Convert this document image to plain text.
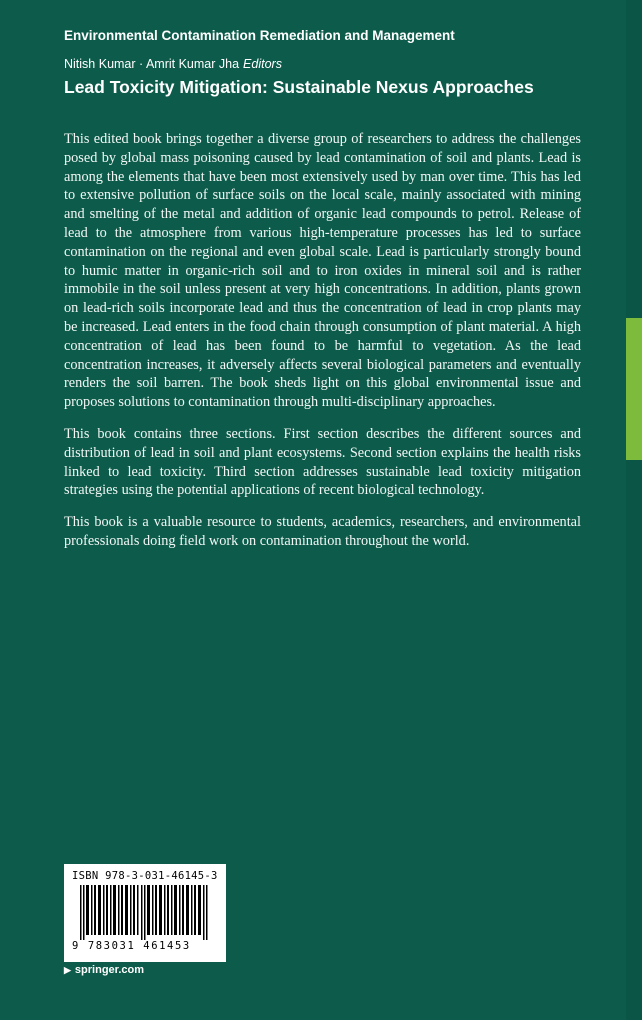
Environmental Contamination Remediation and Management
Nitish Kumar · Amrit Kumar Jha Editors
Lead Toxicity Mitigation: Sustainable Nexus Approaches

This edited book brings together a diverse group of researchers to address the challenges posed by global mass poisoning caused by lead contamination of soil and plants. Lead is among the elements that have been most extensively used by man over time. This has led to extensive pollution of surface soils on the local scale, mainly associated with mining and smelting of the metal and addition of organic lead compounds to petrol. Release of lead to the atmosphere from various high-temperature processes has led to surface contamination on the regional and even global scale. Lead is particularly strongly bound to humic matter in organic-rich soil and to iron oxides in mineral soil and is rather immobile in the soil unless present at very high concentrations. In addition, plants grown on lead-rich soils incorporate lead and thus the concentration of lead in crop plants may be increased. Lead enters in the food chain through consumption of plant material. A high concentration of lead has been found to be harmful to vegetation. As the lead concentration increases, it adversely affects several biological parameters and eventually renders the soil barren. The book sheds light on this global environmental issue and proposes solutions to contamination through multi-disciplinary approaches.

This book contains three sections. First section describes the different sources and distribution of lead in soil and plant ecosystems. Second section explains the health risks linked to lead toxicity. Third section addresses sustainable lead toxicity mitigation strategies using the potential applications of recent biological technology.

This book is a valuable resource to students, academics, researchers, and environmental professionals doing field work on contamination throughout the world.

ISBN 978-3-031-46145-3
9 783031 461453
▶ springer.com
